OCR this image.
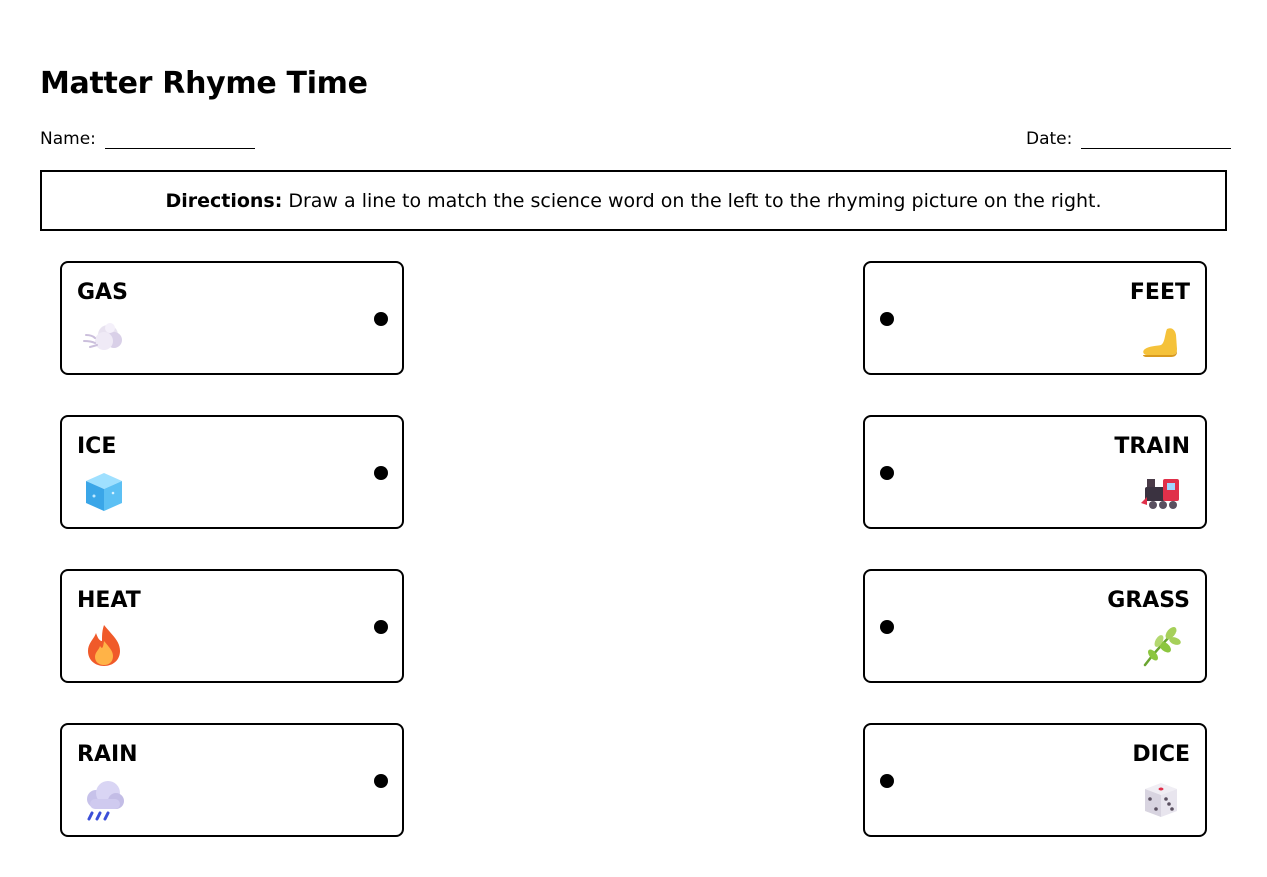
Matter Rhyme Time
Name:	Date:
Directions: Draw a line to match the science word on the left to the rhyming picture on the right.
GAS
ICE
HEAT
RAIN
FEET
TRAIN
GRASS
DICE
